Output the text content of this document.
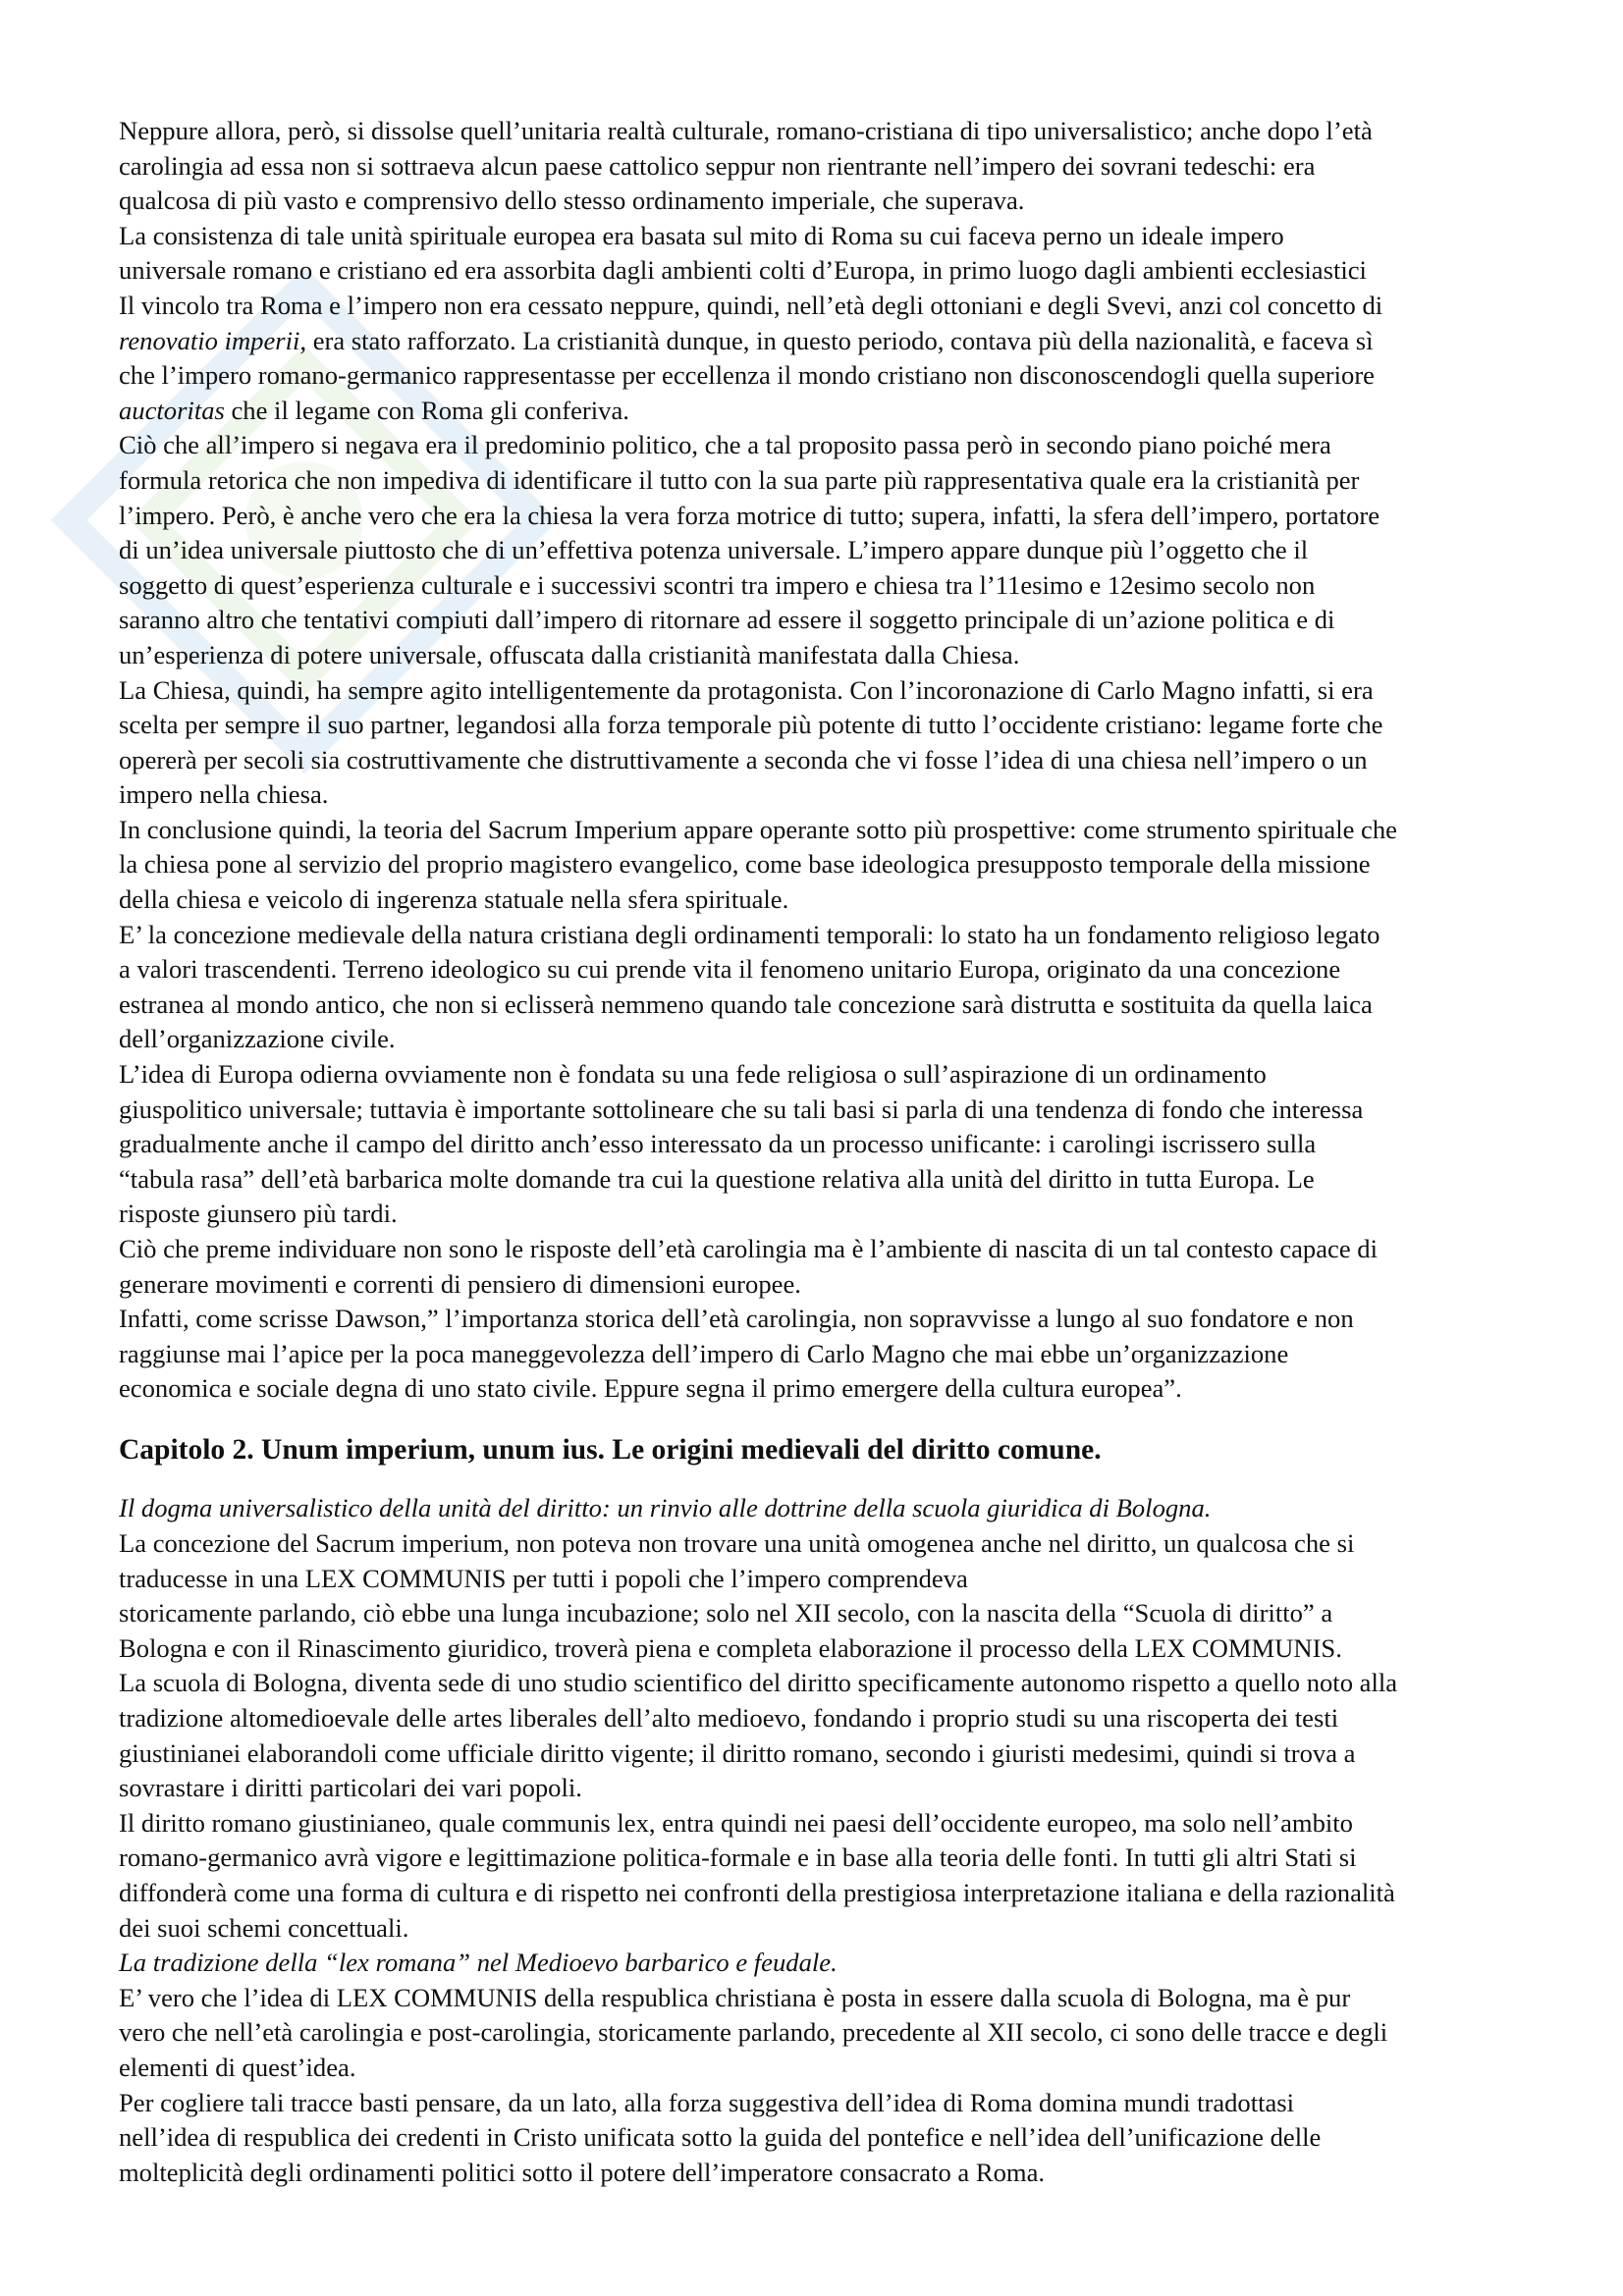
Neppure allora, però, si dissolse quell’unitaria realtà culturale, romano-cristiana di tipo universalistico; anche dopo l’età
carolingia ad essa non si sottraeva alcun paese cattolico seppur non rientrante nell’impero dei sovrani tedeschi: era
qualcosa di più vasto e comprensivo dello stesso ordinamento imperiale, che superava.

La consistenza di tale unità spirituale europea era basata sul mito di Roma su cui faceva perno un ideale impero
universale romano e cristiano ed era assorbita dagli ambienti colti d’Europa, in primo luogo dagli ambienti ecclesiastici

Il vincolo tra Roma e l’impero non era cessato neppure, quindi, nell’età degli ottoniani e degli Svevi, anzi col concetto di
renovatio imperii, era stato rafforzato. La cristianità dunque, in questo periodo, contava più della nazionalità, e faceva sì
che l’impero romano-germanico rappresentasse per eccellenza il mondo cristiano non disconoscendogli quella superiore
auctoritas che il legame con Roma gli conferiva.

Ciò che all’impero si negava era il predominio politico, che a tal proposito passa però in secondo piano poiché mera
formula retorica che non impediva di identificare il tutto con la sua parte più rappresentativa quale era la cristianità per
l’impero. Però, è anche vero che era la chiesa la vera forza motrice di tutto; supera, infatti, la sfera dell’impero, portatore
di un’idea universale piuttosto che di un’effettiva potenza universale. L’impero appare dunque più l’oggetto che il
soggetto di quest’esperienza culturale e i successivi scontri tra impero e chiesa tra l’11esimo e 12esimo secolo non
saranno altro che tentativi compiuti dall’impero di ritornare ad essere il soggetto principale di un’azione politica e di
un’esperienza di potere universale, offuscata dalla cristianità manifestata dalla Chiesa.

La Chiesa, quindi, ha sempre agito intelligentemente da protagonista. Con l’incoronazione di Carlo Magno infatti, si era
scelta per sempre il suo partner, legandosi alla forza temporale più potente di tutto l’occidente cristiano: legame forte che
opererà per secoli sia costruttivamente che distruttivamente a seconda che vi fosse l’idea di una chiesa nell’impero o un
impero nella chiesa.

In conclusione quindi, la teoria del Sacrum Imperium appare operante sotto più prospettive: come strumento spirituale che
la chiesa pone al servizio del proprio magistero evangelico, come base ideologica presupposto temporale della missione
della chiesa e veicolo di ingerenza statuale nella sfera spirituale.

E’ la concezione medievale della natura cristiana degli ordinamenti temporali: lo stato ha un fondamento religioso legato
a valori trascendenti. Terreno ideologico su cui prende vita il fenomeno unitario Europa, originato da una concezione
estranea al mondo antico, che non si eclisserà nemmeno quando tale concezione sarà distrutta e sostituita da quella laica
dell’organizzazione civile.

L’idea di Europa odierna ovviamente non è fondata su una fede religiosa o sull’aspirazione di un ordinamento
giuspolitico universale; tuttavia è importante sottolineare che su tali basi si parla di una tendenza di fondo che interessa
gradualmente anche il campo del diritto anch’esso interessato da un processo unificante: i carolingi iscrissero sulla
“tabula rasa” dell’età barbarica molte domande tra cui la questione relativa alla unità del diritto in tutta Europa. Le
risposte giunsero più tardi.

Ciò che preme individuare non sono le risposte dell’età carolingia ma è l’ambiente di nascita di un tal contesto capace di
generare movimenti e correnti di pensiero di dimensioni europee.

Infatti, come scrisse Dawson,” l’importanza storica dell’età carolingia, non sopravvisse a lungo al suo fondatore e non
raggiunse mai l’apice per la poca maneggevolezza dell’impero di Carlo Magno che mai ebbe un’organizzazione
economica e sociale degna di uno stato civile. Eppure segna il primo emergere della cultura europea”.

Capitolo 2. Unum imperium, unum ius. Le origini medievali del diritto comune.

Il dogma universalistico della unità del diritto: un rinvio alle dottrine della scuola giuridica di Bologna.

La concezione del Sacrum imperium, non poteva non trovare una unità omogenea anche nel diritto, un qualcosa che si
traducesse in una LEX COMMUNIS per tutti i popoli che l’impero comprendeva
storicamente parlando, ciò ebbe una lunga incubazione; solo nel XII secolo, con la nascita della “Scuola di diritto” a
Bologna e con il Rinascimento giuridico, troverà piena e completa elaborazione il processo della LEX COMMUNIS.

La scuola di Bologna, diventa sede di uno studio scientifico del diritto specificamente autonomo rispetto a quello noto alla
tradizione altomedioevale delle artes liberales dell’alto medioevo, fondando i proprio studi su una riscoperta dei testi
giustinianei elaborandoli come ufficiale diritto vigente; il diritto romano, secondo i giuristi medesimi, quindi si trova a
sovrastare i diritti particolari dei vari popoli.

Il diritto romano giustinianeo, quale communis lex, entra quindi nei paesi dell’occidente europeo, ma solo nell’ambito
romano-germanico avrà vigore e legittimazione politica-formale e in base alla teoria delle fonti. In tutti gli altri Stati si
diffonderà come una forma di cultura e di rispetto nei confronti della prestigiosa interpretazione italiana e della razionalità
dei suoi schemi concettuali.

La tradizione della “lex romana” nel Medioevo barbarico e feudale.

E’ vero che l’idea di LEX COMMUNIS della respublica christiana è posta in essere dalla scuola di Bologna, ma è pur
vero che nell’età carolingia e post-carolingia, storicamente parlando, precedente al XII secolo, ci sono delle tracce e degli
elementi di quest’idea.

Per cogliere tali tracce basti pensare, da un lato, alla forza suggestiva dell’idea di Roma domina mundi tradottasi
nell’idea di respublica dei credenti in Cristo unificata sotto la guida del pontefice e nell’idea dell’unificazione delle
molteplicità degli ordinamenti politici sotto il potere dell’imperatore consacrato a Roma.
